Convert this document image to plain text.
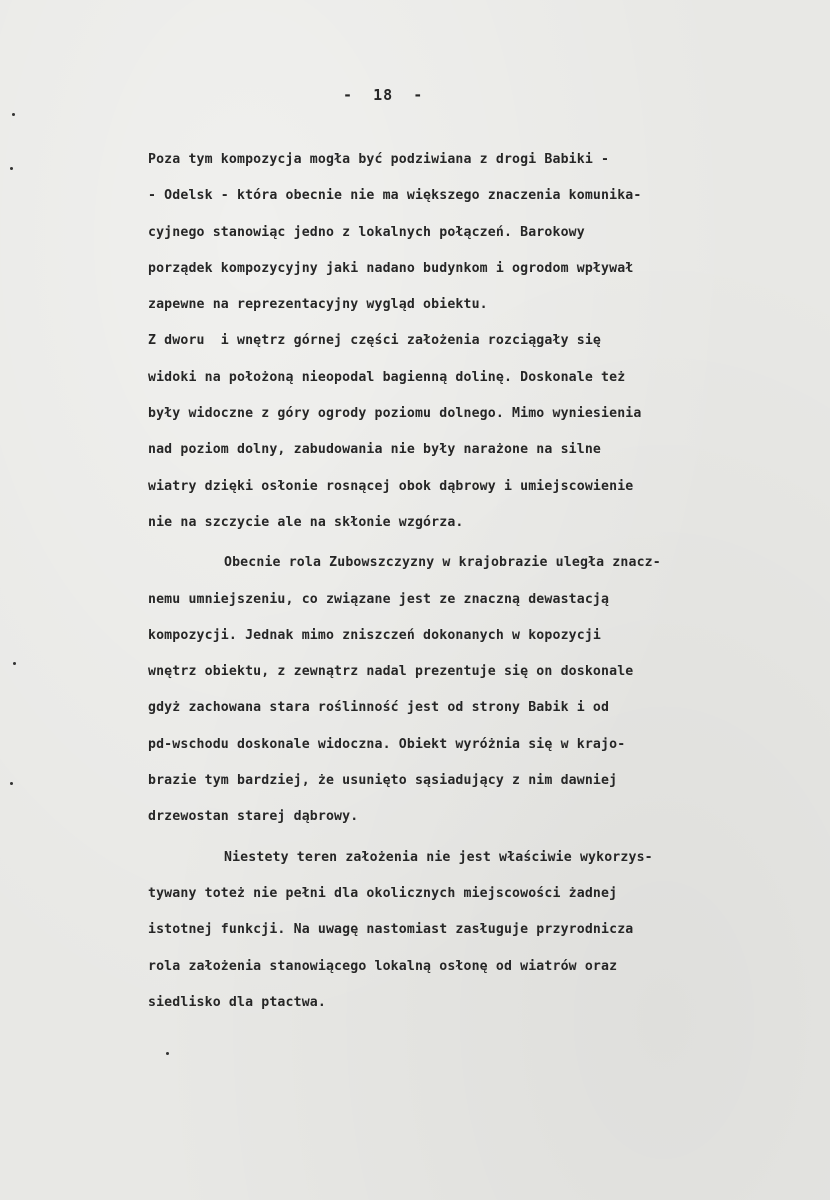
-  18  -
Poza tym kompozycja mogła być podziwiana z drogi Babiki -
- Odelsk - która obecnie nie ma większego znaczenia komunika-
cyjnego stanowiąc jedno z lokalnych połączeń. Barokowy
porządek kompozycyjny jaki nadano budynkom i ogrodom wpływał
zapewne na reprezentacyjny wygląd obiektu.
Z dworu  i wnętrz górnej części założenia rozciągały się
widoki na położoną nieopodal bagienną dolinę. Doskonale też
były widoczne z góry ogrody poziomu dolnego. Mimo wyniesienia
nad poziom dolny, zabudowania nie były narażone na silne
wiatry dzięki osłonie rosnącej obok dąbrowy i umiejscowienie
nie na szczycie ale na skłonie wzgórza.
Obecnie rola Zubowszczyzny w krajobrazie uległa znacz-
nemu umniejszeniu, co związane jest ze znaczną dewastacją
kompozycji. Jednak mimo zniszczeń dokonanych w kopozycji
wnętrz obiektu, z zewnątrz nadal prezentuje się on doskonale
gdyż zachowana stara roślinność jest od strony Babik i od
pd-wschodu doskonale widoczna. Obiekt wyróżnia się w krajo-
brazie tym bardziej, że usunięto sąsiadujący z nim dawniej
drzewostan starej dąbrowy.
Niestety teren założenia nie jest właściwie wykorzys-
tywany toteż nie pełni dla okolicznych miejscowości żadnej
istotnej funkcji. Na uwagę nastomiast zasługuje przyrodnicza
rola założenia stanowiącego lokalną osłonę od wiatrów oraz
siedlisko dla ptactwa.
